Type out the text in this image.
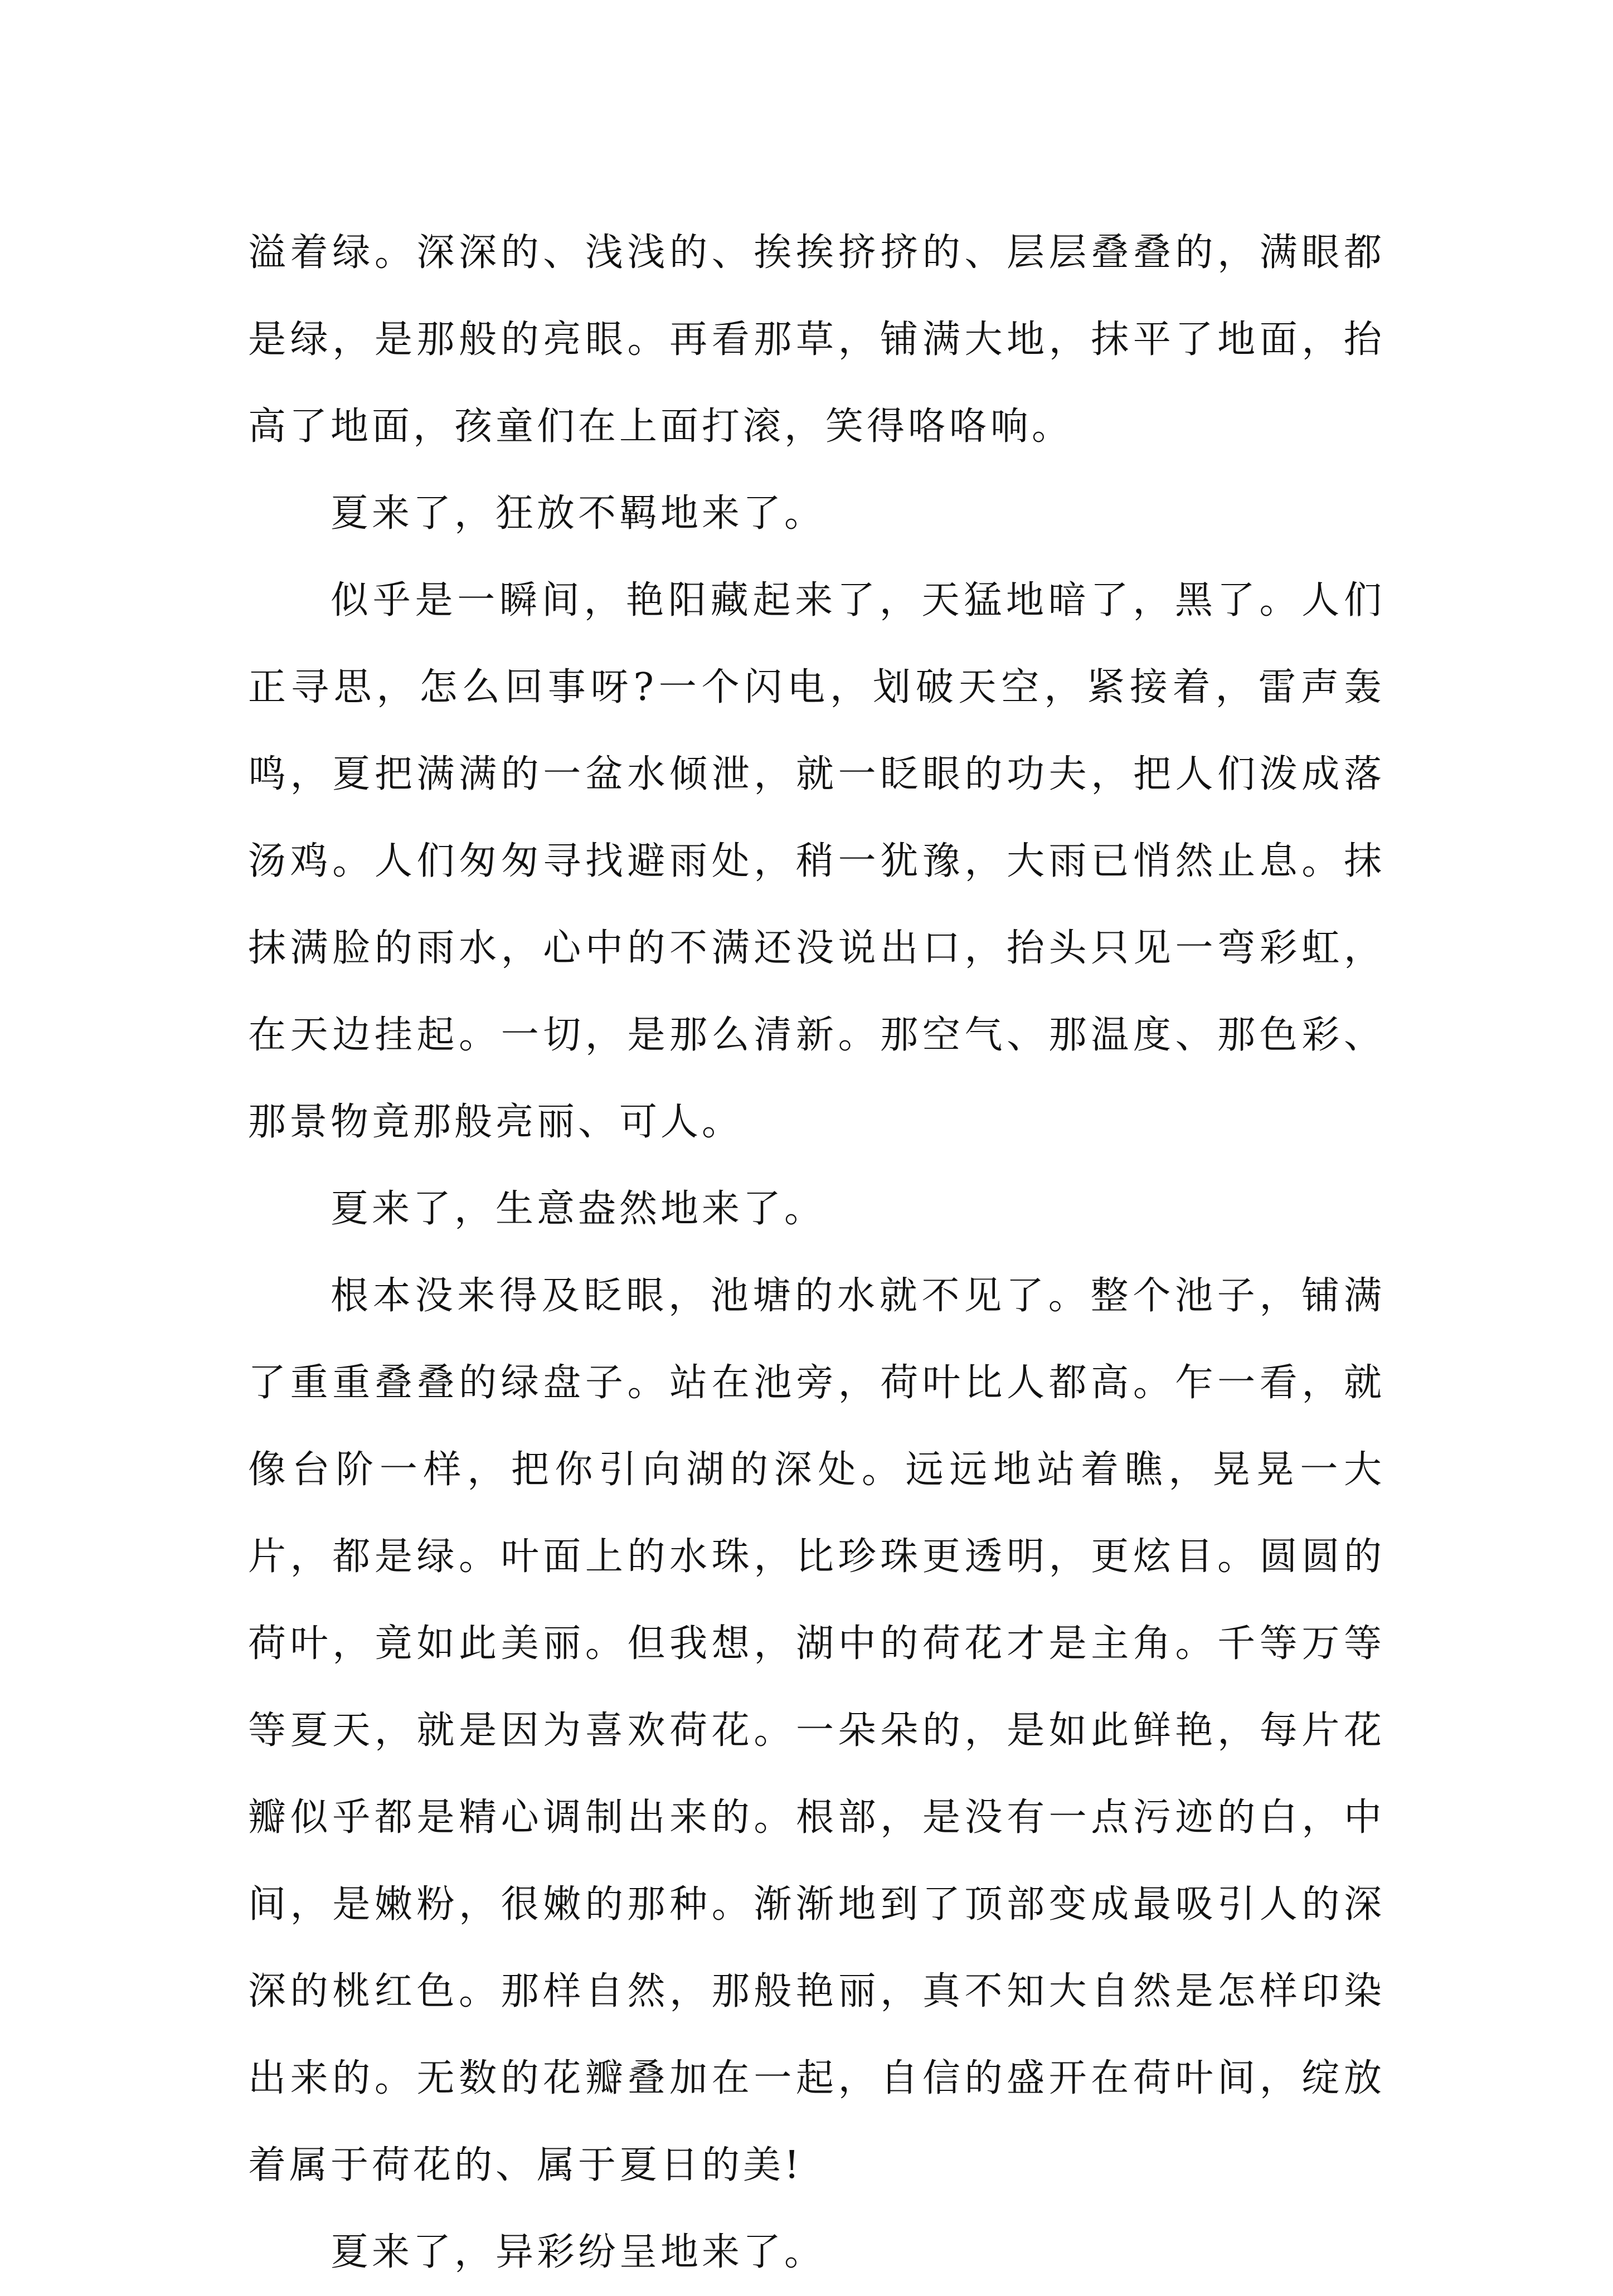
溢着绿。深深的、浅浅的、挨挨挤挤的、层层叠叠的，满眼都是绿，是那般的亮眼。再看那草，铺满大地，抹平了地面，抬高了地面，孩童们在上面打滚，笑得咯咯响。

夏来了，狂放不羁地来了。

似乎是一瞬间，艳阳藏起来了，天猛地暗了，黑了。人们正寻思，怎么回事呀?一个闪电，划破天空，紧接着，雷声轰鸣，夏把满满的一盆水倾泄，就一眨眼的功夫，把人们泼成落汤鸡。人们匆匆寻找避雨处，稍一犹豫，大雨已悄然止息。抹抹满脸的雨水，心中的不满还没说出口，抬头只见一弯彩虹，在天边挂起。一切，是那么清新。那空气、那温度、那色彩、那景物竟那般亮丽、可人。

夏来了，生意盎然地来了。

根本没来得及眨眼，池塘的水就不见了。整个池子，铺满了重重叠叠的绿盘子。站在池旁，荷叶比人都高。乍一看，就像台阶一样，把你引向湖的深处。远远地站着瞧，晃晃一大片，都是绿。叶面上的水珠，比珍珠更透明，更炫目。圆圆的荷叶，竟如此美丽。但我想，湖中的荷花才是主角。千等万等等夏天，就是因为喜欢荷花。一朵朵的，是如此鲜艳，每片花瓣似乎都是精心调制出来的。根部，是没有一点污迹的白，中间，是嫩粉，很嫩的那种。渐渐地到了顶部变成最吸引人的深深的桃红色。那样自然，那般艳丽，真不知大自然是怎样印染出来的。无数的花瓣叠加在一起，自信的盛开在荷叶间，绽放着属于荷花的、属于夏日的美!

夏来了，异彩纷呈地来了。
